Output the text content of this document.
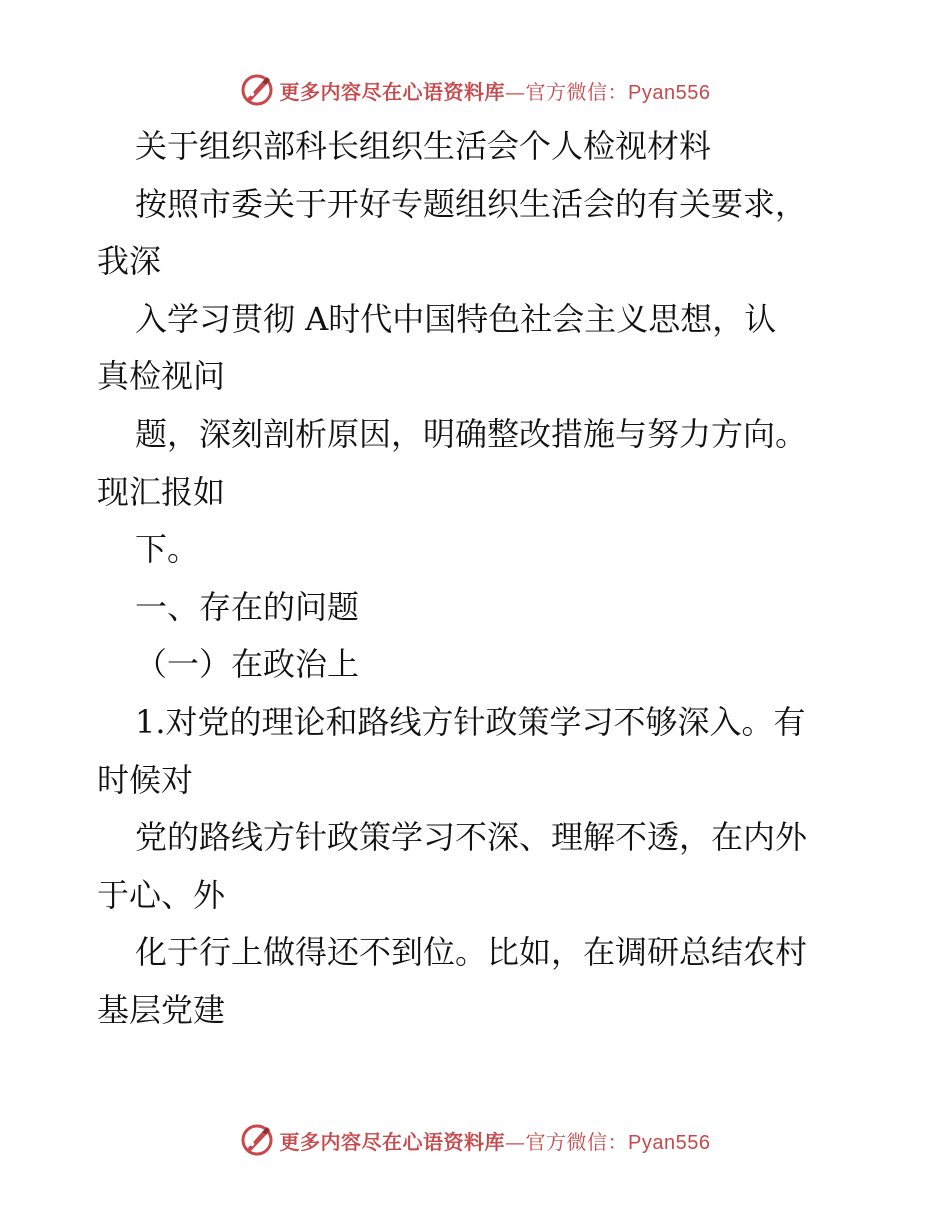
更多内容尽在心语资料库—官方微信：Pyan556
关于组织部科长组织生活会个人检视材料
按照市委关于开好专题组织生活会的有关要求，
我深
入学习贯彻 A时代中国特色社会主义思想，认
真检视问
题，深刻剖析原因，明确整改措施与努力方向。
现汇报如
下。
一、存在的问题
（一）在政治上
1.对党的理论和路线方针政策学习不够深入。有
时候对
党的路线方针政策学习不深、理解不透，在内外
于心、外
化于行上做得还不到位。比如，在调研总结农村
基层党建
更多内容尽在心语资料库—官方微信：Pyan556
